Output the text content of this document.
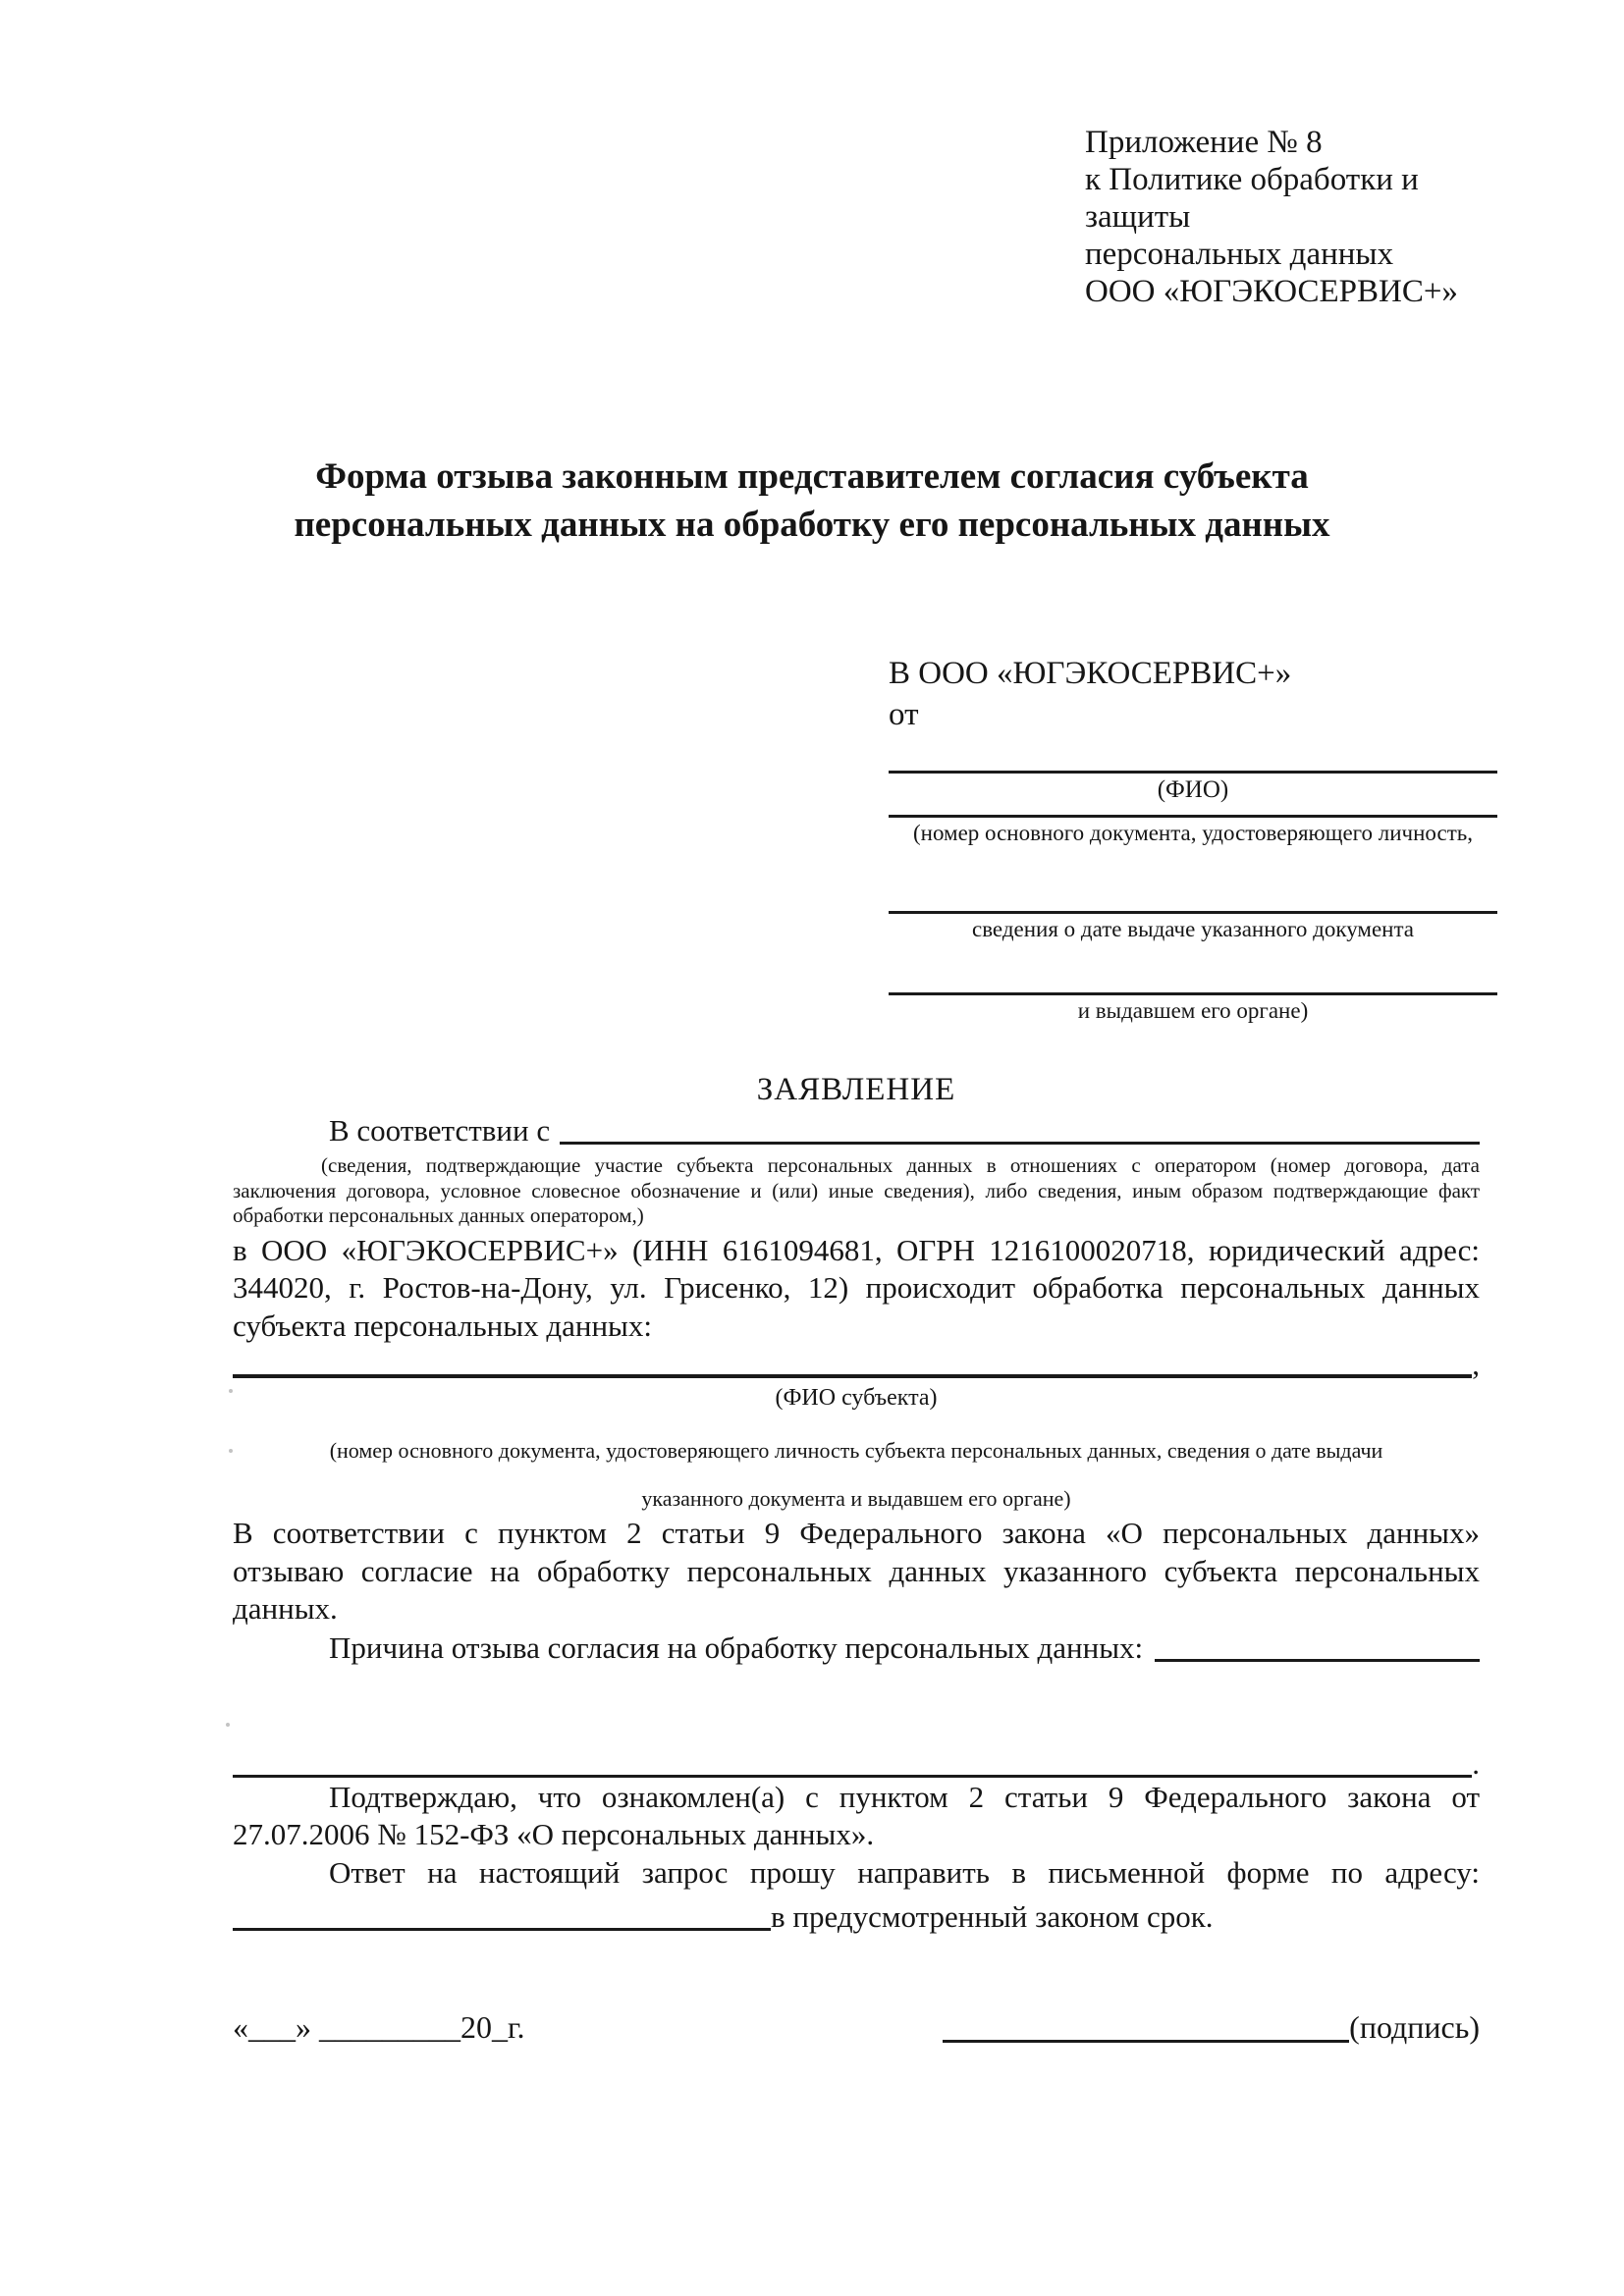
Приложение № 8
к Политике обработки и защиты
персональных данных
ООО «ЮГЭКОСЕРВИС+»
Форма отзыва законным представителем согласия субъекта
персональных данных на обработку его персональных данных
В ООО «ЮГЭКОСЕРВИС+»
от
(ФИО)
(номер основного документа, удостоверяющего личность,
сведения о дате выдаче указанного документа
и выдавшем его органе)
ЗАЯВЛЕНИЕ
В соответствии с
(сведения, подтверждающие участие субъекта персональных данных в отношениях с оператором (номер договора, дата
заключения договора, условное словесное обозначение и (или) иные сведения), либо сведения, иным образом подтверждающие факт
обработки персональных данных оператором,)
в ООО «ЮГЭКОСЕРВИС+» (ИНН 6161094681, ОГРН 1216100020718, юридический адрес:
344020, г. Ростов-на-Дону, ул. Грисенко, 12) происходит обработка персональных данных
субъекта персональных данных:
,
(ФИО субъекта)
(номер основного документа, удостоверяющего личность субъекта персональных данных, сведения о дате выдачи
указанного документа и выдавшем его органе)
В соответствии с пунктом 2 статьи 9 Федерального закона «О персональных данных»
отзываю согласие на обработку персональных данных указанного субъекта персональных
данных.
Причина отзыва согласия на обработку персональных данных:
.
Подтверждаю, что ознакомлен(а) с пунктом 2 статьи 9 Федерального закона от
27.07.2006 № 152-ФЗ «О персональных данных».
Ответ на настоящий запрос прошу направить в письменной форме по адресу:
в предусмотренный законом срок.
«___» _________20_г.	(подпись)
